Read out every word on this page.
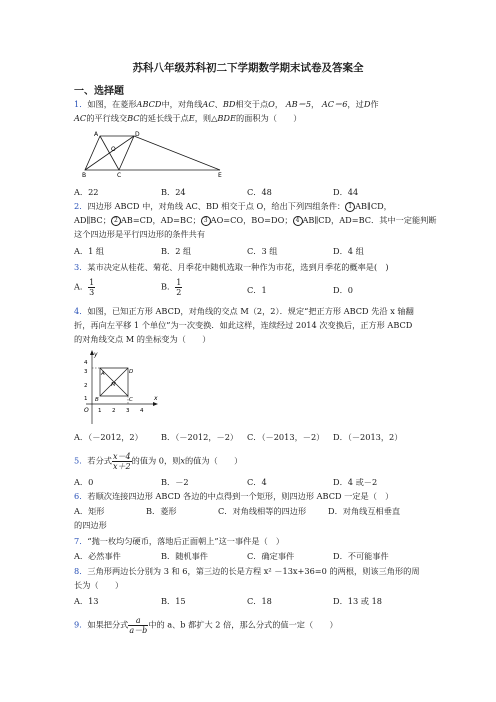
苏科八年级苏科初二下学期数学期末试卷及答案全
一、选择题
1．如图，在菱形ABCD中，对角线AC、BD相交于点O， AB＝5， AC＝6，过D作
AC的平行线交BC的延长线于点E，则△BDE的面积为（　　）
A	D
O
B	C	E
A．22	B．24	C．48	D．44
2．四边形 ABCD 中，对角线 AC、BD 相交于点 O，给出下列四组条件： 1 AB∥CD，
AD∥BC； 2 AB=CD，AD=BC； 3 AO=CO，BO=DO； 4 AB∥CD，AD=BC．其中一定能判断
这个四边形是平行四边形的条件共有
A．1 组	B．2 组	C．3 组	D．4 组
3．某市决定从桂花、菊花、月季花中随机选取一种作为市花，选到月季花的概率是(　)
A． $\frac{1}{3}$	B． $\frac{1}{2}$	C．1	D．0
4．如图，已知正方形 ABCD，对角线的交点 M（2，2）．规定“把正方形 ABCD 先沿 x 轴翻
折，再向左平移 1 个单位”为一次变换．如此这样，连续经过 2014 次变换后，正方形 ABCD
的对角线交点 M 的坐标变为（　　）
y
x
O
4
3
2
1
1 2 3 4
A	D
B	C
M
A．（－2012，2） B．（－2012，－2） C．（－2013，－2） D．（－2013，2）
5．若分式 $\frac{x-4}{x+2}$ 的值为 0，则x的值为（　　）
A．0	B．－2	C．4	D．4 或－2
6．若顺次连接四边形 ABCD 各边的中点得到一个矩形，则四边形 ABCD 一定是（　）
A．矩形	B．菱形	C．对角线相等的四边形	D．对角线互相垂直
的四边形
7．“抛一枚均匀硬币，落地后正面朝上”这一事件是（　）
A．必然事件	B．随机事件	C．确定事件	D．不可能事件
8．三角形两边长分别为 3 和 6，第三边的长是方程 x² －13x+36=0 的两根，则该三角形的周
长为（　　）
A．13	B．15	C．18	D．13 或 18
9．如果把分式 $\frac{a}{a-b}$ 中的 a、b 都扩大 2 倍，那么分式的值一定（　　）
